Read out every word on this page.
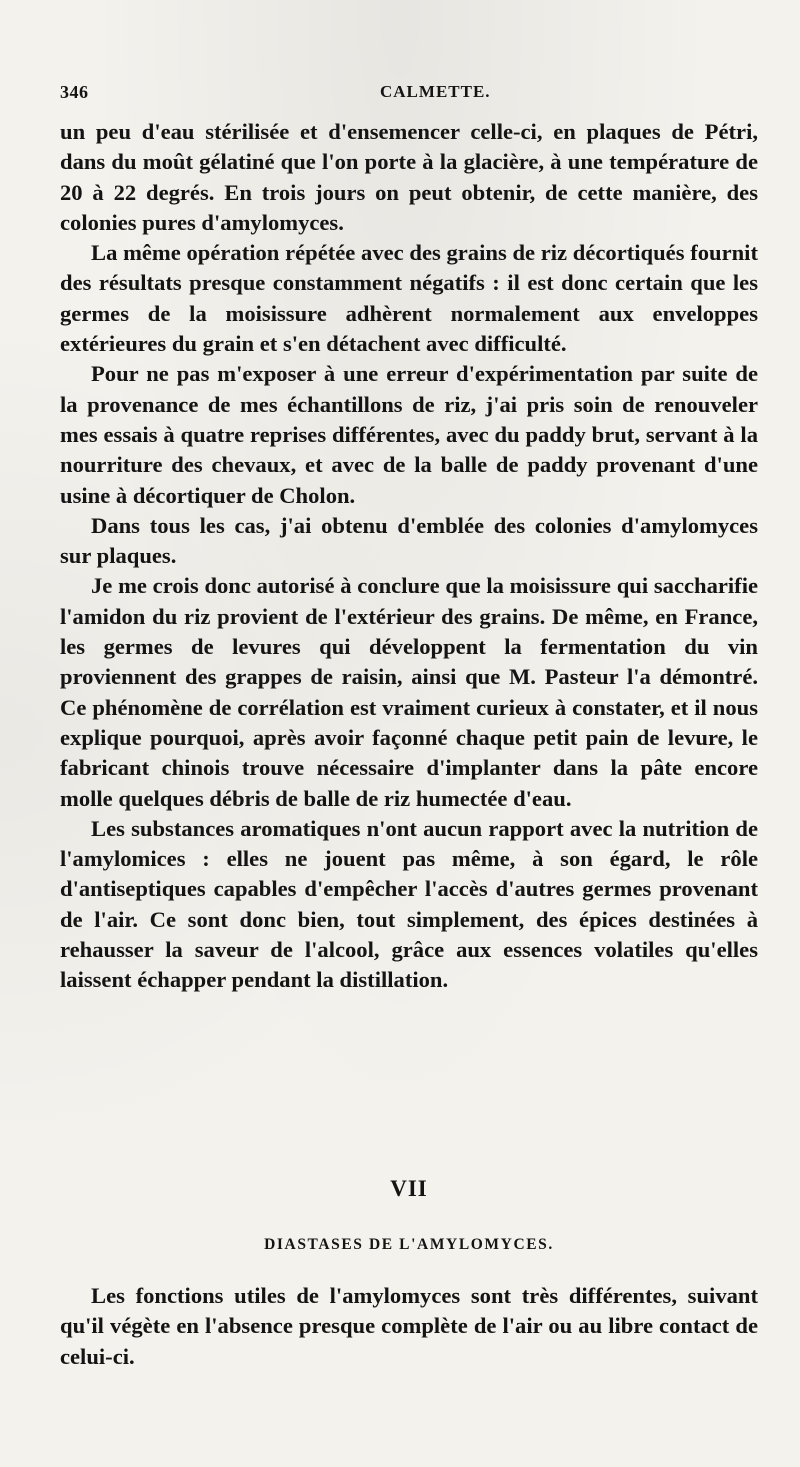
346	CALMETTE.

un peu d'eau stérilisée et d'ensemencer celle-ci, en plaques de Pétri, dans du moût gélatiné que l'on porte à la glacière, à une température de 20 à 22 degrés. En trois jours on peut obtenir, de cette manière, des colonies pures d'amylomyces.

La même opération répétée avec des grains de riz décortiqués fournit des résultats presque constamment négatifs : il est donc certain que les germes de la moisissure adhèrent normalement aux enveloppes extérieures du grain et s'en détachent avec difficulté.

Pour ne pas m'exposer à une erreur d'expérimentation par suite de la provenance de mes échantillons de riz, j'ai pris soin de renouveler mes essais à quatre reprises différentes, avec du paddy brut, servant à la nourriture des chevaux, et avec de la balle de paddy provenant d'une usine à décortiquer de Cholon.

Dans tous les cas, j'ai obtenu d'emblée des colonies d'amylomyces sur plaques.

Je me crois donc autorisé à conclure que la moisissure qui saccharifie l'amidon du riz provient de l'extérieur des grains. De même, en France, les germes de levures qui développent la fermentation du vin proviennent des grappes de raisin, ainsi que M. Pasteur l'a démontré. Ce phénomène de corrélation est vraiment curieux à constater, et il nous explique pourquoi, après avoir façonné chaque petit pain de levure, le fabricant chinois trouve nécessaire d'implanter dans la pâte encore molle quelques débris de balle de riz humectée d'eau.

Les substances aromatiques n'ont aucun rapport avec la nutrition de l'amylomices : elles ne jouent pas même, à son égard, le rôle d'antiseptiques capables d'empêcher l'accès d'autres germes provenant de l'air. Ce sont donc bien, tout simplement, des épices destinées à rehausser la saveur de l'alcool, grâce aux essences volatiles qu'elles laissent échapper pendant la distillation.

VII
DIASTASES DE L'AMYLOMYCES.

Les fonctions utiles de l'amylomyces sont très différentes, suivant qu'il végète en l'absence presque complète de l'air ou au libre contact de celui-ci.
